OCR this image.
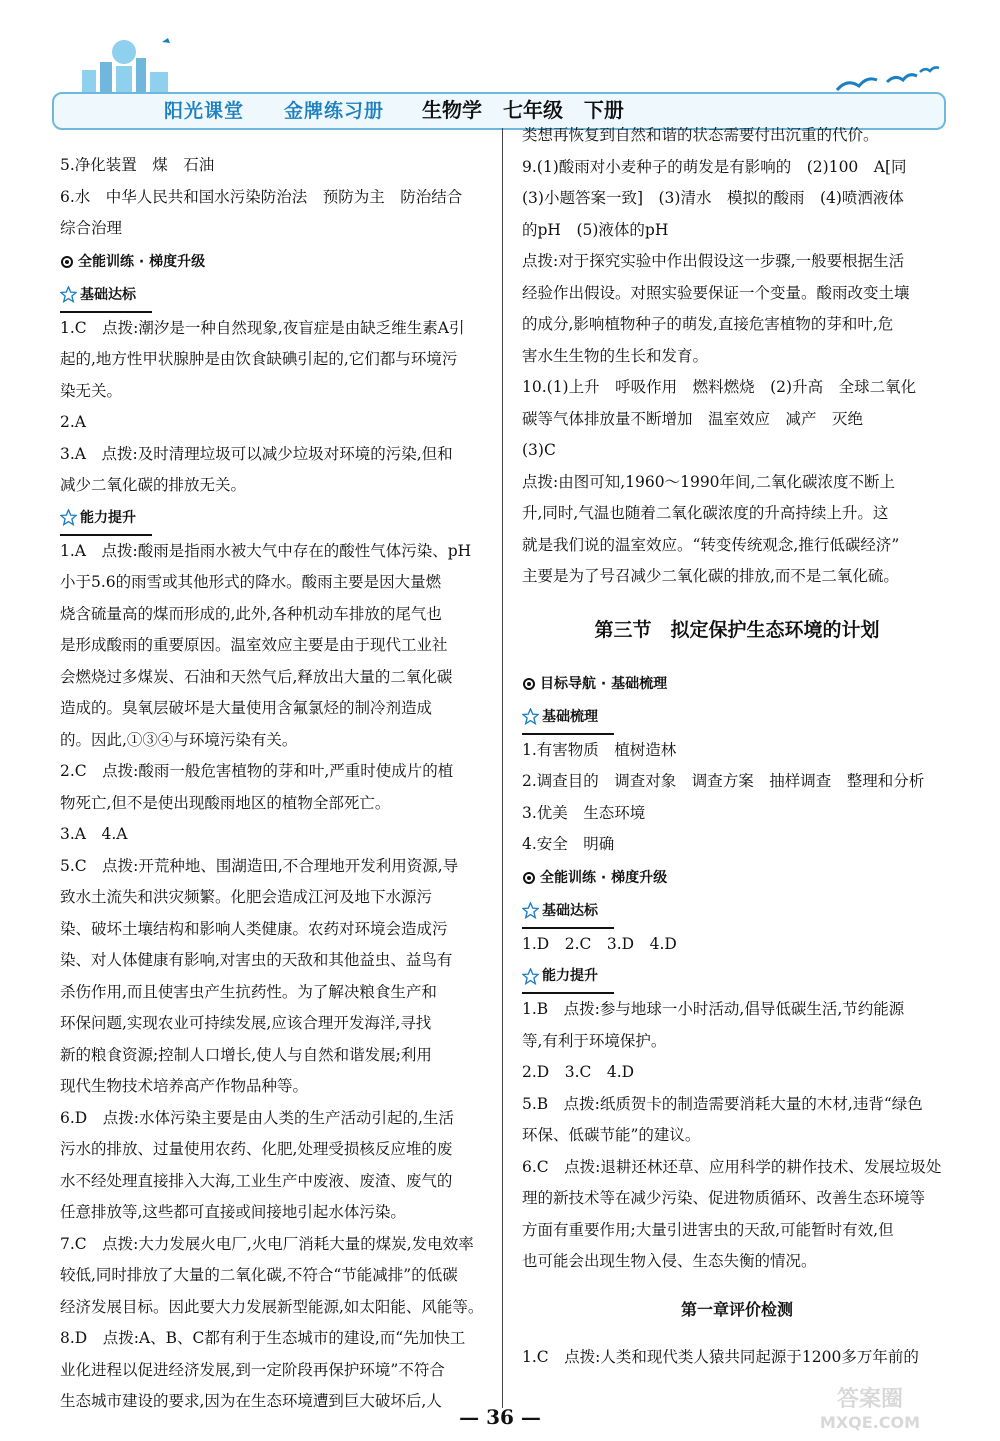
阳光课堂 金牌练习册 生物学 七年级 下册

5.净化装置　煤　石油

6.水　中华人民共和国水污染防治法　预防为主　防治结合

综合治理

全能训练 · 梯度升级

基础达标

1.C　点拨:潮汐是一种自然现象,夜盲症是由缺乏维生素A引

起的,地方性甲状腺肿是由饮食缺碘引起的,它们都与环境污

染无关。

2.A

3.A　点拨:及时清理垃圾可以减少垃圾对环境的污染,但和

减少二氧化碳的排放无关。

能力提升

1.A　点拨:酸雨是指雨水被大气中存在的酸性气体污染、pH

小于5.6的雨雪或其他形式的降水。酸雨主要是因大量燃

烧含硫量高的煤而形成的,此外,各种机动车排放的尾气也

是形成酸雨的重要原因。温室效应主要是由于现代工业社

会燃烧过多煤炭、石油和天然气后,释放出大量的二氧化碳

造成的。臭氧层破坏是大量使用含氟氯烃的制冷剂造成

的。因此,①③④与环境污染有关。

2.C　点拨:酸雨一般危害植物的芽和叶,严重时使成片的植

物死亡,但不是使出现酸雨地区的植物全部死亡。

3.A　4.A

5.C　点拨:开荒种地、围湖造田,不合理地开发利用资源,导

致水土流失和洪灾频繁。化肥会造成江河及地下水源污

染、破坏土壤结构和影响人类健康。农药对环境会造成污

染、对人体健康有影响,对害虫的天敌和其他益虫、益鸟有

杀伤作用,而且使害虫产生抗药性。为了解决粮食生产和

环保问题,实现农业可持续发展,应该合理开发海洋,寻找

新的粮食资源;控制人口增长,使人与自然和谐发展;利用

现代生物技术培养高产作物品种等。

6.D　点拨:水体污染主要是由人类的生产活动引起的,生活

污水的排放、过量使用农药、化肥,处理受损核反应堆的废

水不经处理直接排入大海,工业生产中废液、废渣、废气的

任意排放等,这些都可直接或间接地引起水体污染。

7.C　点拨:大力发展火电厂,火电厂消耗大量的煤炭,发电效率

较低,同时排放了大量的二氧化碳,不符合“节能减排”的低碳

经济发展目标。因此要大力发展新型能源,如太阳能、风能等。

8.D　点拨:A、B、C都有利于生态城市的建设,而“先加快工

业化进程以促进经济发展,到一定阶段再保护环境”不符合

生态城市建设的要求,因为在生态环境遭到巨大破坏后,人

类想再恢复到自然和谐的状态需要付出沉重的代价。

9.(1)酸雨对小麦种子的萌发是有影响的　(2)100　A[同

(3)小题答案一致]　(3)清水　模拟的酸雨　(4)喷洒液体

的pH　(5)液体的pH

点拨:对于探究实验中作出假设这一步骤,一般要根据生活

经验作出假设。对照实验要保证一个变量。酸雨改变土壤

的成分,影响植物种子的萌发,直接危害植物的芽和叶,危

害水生生物的生长和发育。

10.(1)上升　呼吸作用　燃料燃烧　(2)升高　全球二氧化

碳等气体排放量不断增加　温室效应　减产　灭绝

(3)C

点拨:由图可知,1960～1990年间,二氧化碳浓度不断上

升,同时,气温也随着二氧化碳浓度的升高持续上升。这

就是我们说的温室效应。“转变传统观念,推行低碳经济”

主要是为了号召减少二氧化碳的排放,而不是二氧化硫。

第三节　拟定保护生态环境的计划

目标导航 · 基础梳理

基础梳理

1.有害物质　植树造林

2.调查目的　调查对象　调查方案　抽样调查　整理和分析

3.优美　生态环境

4.安全　明确

全能训练 · 梯度升级

基础达标

1.D　2.C　3.D　4.D

能力提升

1.B　点拨:参与地球一小时活动,倡导低碳生活,节约能源

等,有利于环境保护。

2.D　3.C　4.D

5.B　点拨:纸质贺卡的制造需要消耗大量的木材,违背“绿色

环保、低碳节能”的建议。

6.C　点拨:退耕还林还草、应用科学的耕作技术、发展垃圾处

理的新技术等在减少污染、促进物质循环、改善生态环境等

方面有重要作用;大量引进害虫的天敌,可能暂时有效,但

也可能会出现生物入侵、生态失衡的情况。

第一章评价检测

1.C　点拨:人类和现代类人猿共同起源于1200多万年前的

— 36 —
答案圈
MXQE.COM
